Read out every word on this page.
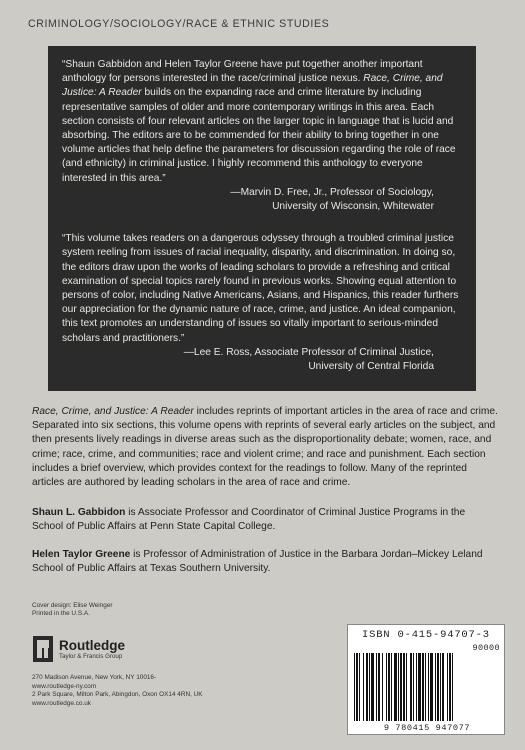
CRIMINOLOGY/SOCIOLOGY/RACE & ETHNIC STUDIES

“Shaun Gabbidon and Helen Taylor Greene have put together another important anthology for persons interested in the race/criminal justice nexus. Race, Crime, and Justice: A Reader builds on the expanding race and crime literature by including representative samples of older and more contemporary writings in this area. Each section consists of four relevant articles on the larger topic in language that is lucid and absorbing. The editors are to be commended for their ability to bring together in one volume articles that help define the parameters for discussion regarding the role of race (and ethnicity) in criminal justice. I highly recommend this anthology to everyone interested in this area.”

—Marvin D. Free, Jr., Professor of Sociology,
University of Wisconsin, Whitewater

“This volume takes readers on a dangerous odyssey through a troubled criminal justice system reeling from issues of racial inequality, disparity, and discrimination. In doing so, the editors draw upon the works of leading scholars to provide a refreshing and critical examination of special topics rarely found in previous works. Showing equal attention to persons of color, including Native Americans, Asians, and Hispanics, this reader furthers our appreciation for the dynamic nature of race, crime, and justice. An ideal companion, this text promotes an understanding of issues so vitally important to serious-minded scholars and practitioners.”

—Lee E. Ross, Associate Professor of Criminal Justice,
University of Central Florida

Race, Crime, and Justice: A Reader includes reprints of important articles in the area of race and crime. Separated into six sections, this volume opens with reprints of several early articles on the subject, and then presents lively readings in diverse areas such as the disproportionality debate; women, race, and crime; race, crime, and communities; race and violent crime; and race and punishment. Each section includes a brief overview, which provides context for the readings to follow. Many of the reprinted articles are authored by leading scholars in the area of race and crime.

Shaun L. Gabbidon is Associate Professor and Coordinator of Criminal Justice Programs in the School of Public Affairs at Penn State Capital College.

Helen Taylor Greene is Professor of Administration of Justice in the Barbara Jordan–Mickey Leland School of Public Affairs at Texas Southern University.

Cover design: Elise Weinger
Printed in the U.S.A.
Routledge
Taylor & Francis Group
270 Madison Avenue, New York, NY 10016-
www.routledge-ny.com
2 Park Square, Milton Park, Abingdon, Oxon OX14 4RN, UK
www.routledge.co.uk
ISBN 0-415-94707-3
90000
9 780415 947077
